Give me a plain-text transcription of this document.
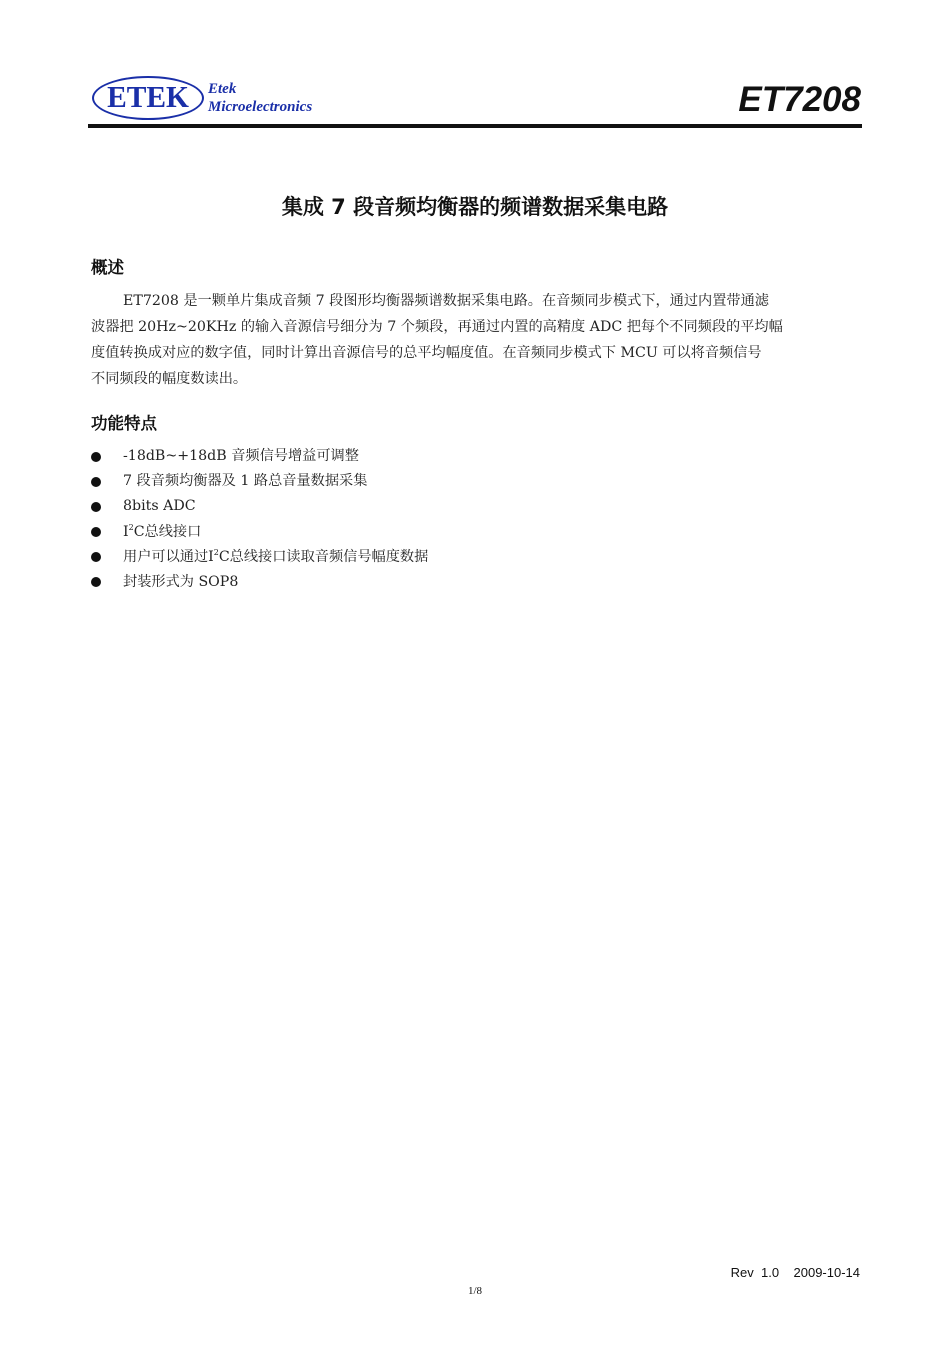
ETEK	Etek
Microelectronics	ET7208
集成 7 段音频均衡器的频谱数据采集电路
概述
ET7208 是一颗单片集成音频 7 段图形均衡器频谱数据采集电路。在音频同步模式下，通过内置带通滤
波器把 20Hz~20KHz 的输入音源信号细分为 7 个频段，再通过内置的高精度 ADC 把每个不同频段的平均幅
度值转换成对应的数字值，同时计算出音源信号的总平均幅度值。在音频同步模式下 MCU 可以将音频信号
不同频段的幅度数读出。
功能特点
-18dB~+18dB 音频信号增益可调整
7 段音频均衡器及 1 路总音量数据采集
8bits ADC
$I^2C$总线接口
用户可以通过$I^2C$总线接口读取音频信号幅度数据
封装形式为 SOP8
Rev  1.0    2009-10-14
1/8
